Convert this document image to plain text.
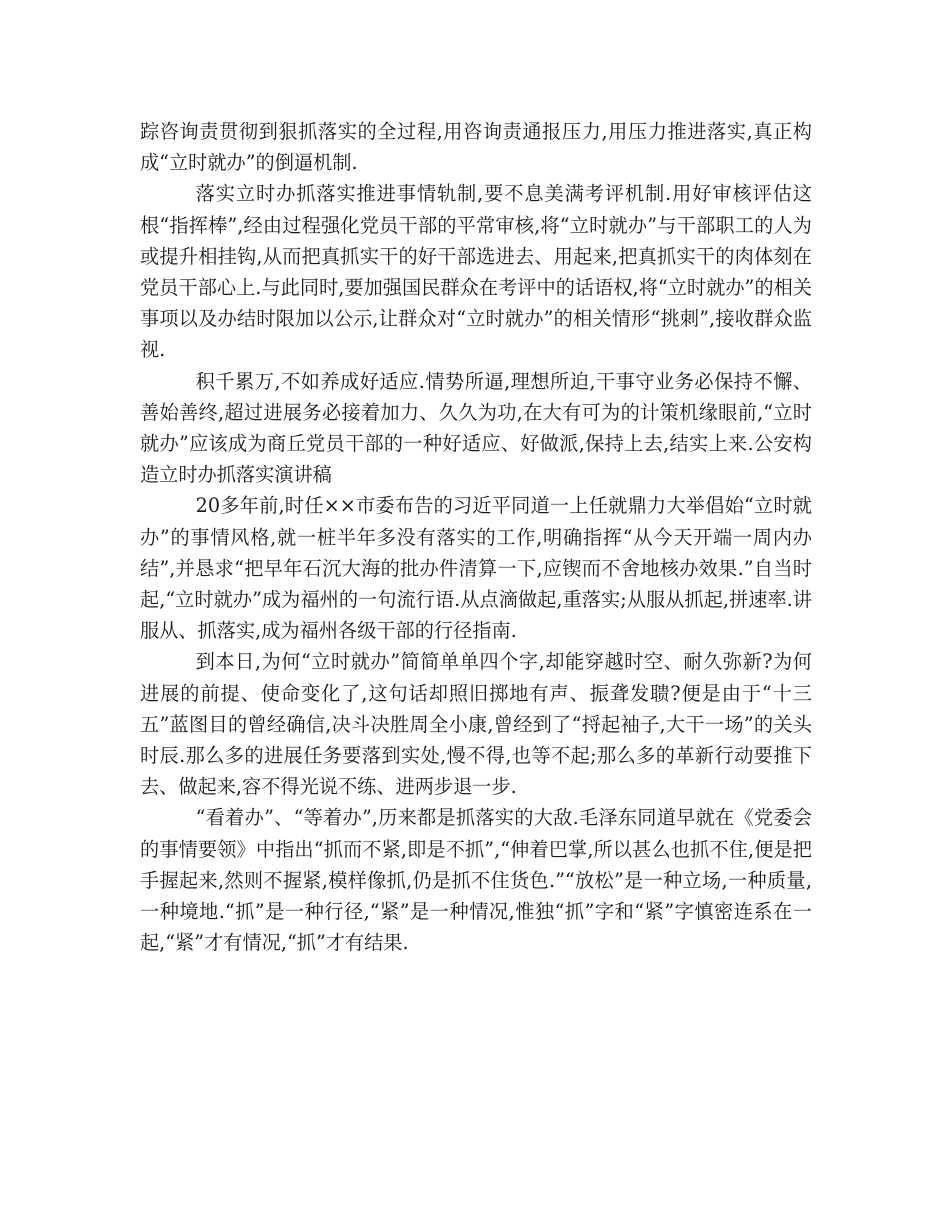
踪咨询责贯彻到狠抓落实的全过程,用咨询责通报压力,用压力推进落实,真正构成“立时就办”的倒逼机制.

落实立时办抓落实推进事情轨制,要不息美满考评机制.用好审核评估这根“指挥棒”,经由过程强化党员干部的平常审核,将“立时就办”与干部职工的人为或提升相挂钩,从而把真抓实干的好干部选进去、用起来,把真抓实干的肉体刻在党员干部心上.与此同时,要加强国民群众在考评中的话语权,将“立时就办”的相关事项以及办结时限加以公示,让群众对“立时就办”的相关情形“挑刺”,接收群众监视.

积千累万,不如养成好适应.情势所逼,理想所迫,干事守业务必保持不懈、善始善终,超过进展务必接着加力、久久为功,在大有可为的计策机缘眼前,“立时就办”应该成为商丘党员干部的一种好适应、好做派,保持上去,结实上来.公安构造立时办抓落实演讲稿

20多年前,时任××市委布告的习近平同道一上任就鼎力大举倡始“立时就办”的事情风格,就一桩半年多没有落实的工作,明确指挥“从今天开端一周内办结”,并恳求“把早年石沉大海的批办件清算一下,应锲而不舍地核办效果.”自当时起,“立时就办”成为福州的一句流行语.从点滴做起,重落实;从服从抓起,拼速率.讲服从、抓落实,成为福州各级干部的行径指南.

到本日,为何“立时就办”简简单单四个字,却能穿越时空、耐久弥新?为何进展的前提、使命变化了,这句话却照旧掷地有声、振聋发聩?便是由于“十三五”蓝图目的曾经确信,决斗决胜周全小康,曾经到了“捋起袖子,大干一场”的关头时辰.那么多的进展任务要落到实处,慢不得,也等不起;那么多的革新行动要推下去、做起来,容不得光说不练、进两步退一步.

“看着办”、“等着办”,历来都是抓落实的大敌.毛泽东同道早就在《党委会的事情要领》中指出“抓而不紧,即是不抓”,“伸着巴掌,所以甚么也抓不住,便是把手握起来,然则不握紧,模样像抓,仍是抓不住货色.”“放松”是一种立场,一种质量,一种境地.“抓”是一种行径,“紧”是一种情况,惟独“抓”字和“紧”字慎密连系在一起,“紧”才有情况,“抓”才有结果.
